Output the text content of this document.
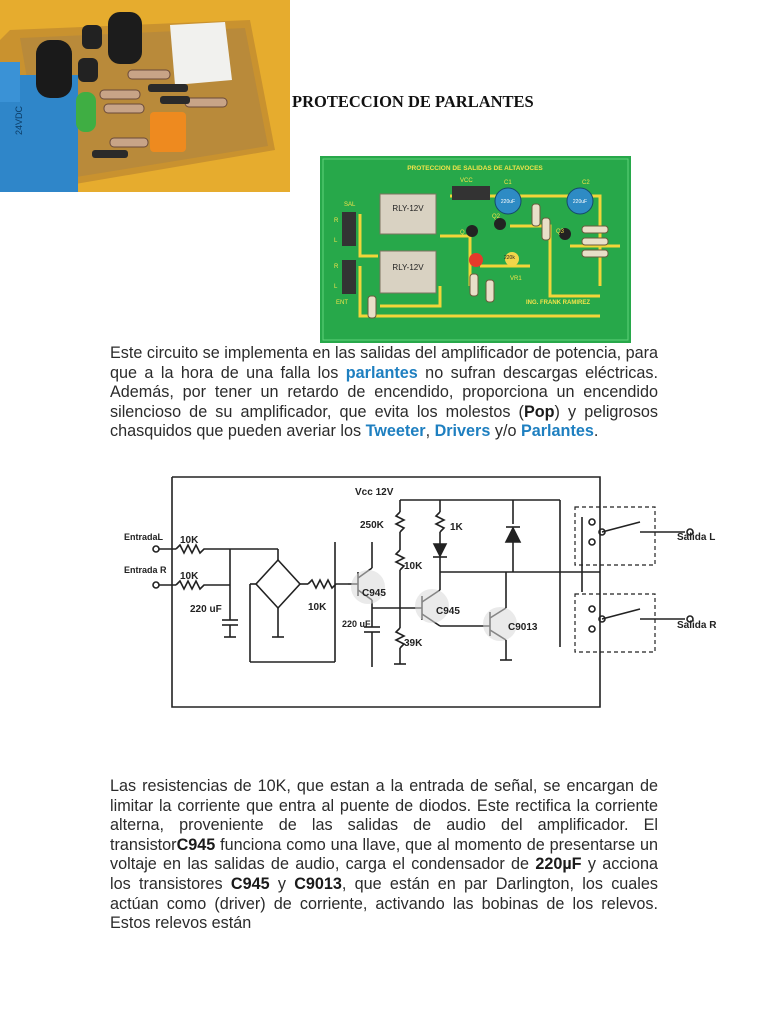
24VDC
PROTECCION DE PARLANTES
PROTECCION DE SALIDAS DE ALTAVOCES
RLY-12V
RLY-12V
SAL
R
L
R
L
ENT
VCC
220uF
C1
220uF
C2
Q
Q2
Q3
220k
VR1
ING. FRANK RAMIREZ
Este circuito se implementa en las salidas del amplificador de potencia, para que a la hora de una falla los parlantes no sufran descargas eléctricas. Además, por tener un retardo de encendido, proporciona un encendido silencioso de su amplificador, que evita los molestos (Pop) y peligrosos chasquidos que pueden averiar los Tweeter, Drivers y/o Parlantes.
Vcc 12V
EntradaL
Entrada R
10K
10K
220 uF	10K
C945
220 uF
250K
10K
39K
1K
C945
C9013
Salida L
Salida R
Las resistencias de 10K, que estan a la entrada de señal, se encargan de limitar la corriente que entra al puente de diodos. Este rectifica la corriente alterna, proveniente de las salidas de audio del amplificador. El transistorC945 funciona como una llave, que al momento de presentarse un voltaje en las salidas de audio, carga el condensador de 220µF y acciona los transistores C945 y C9013, que están en par Darlington, los cuales actúan como (driver) de corriente, activando las bobinas de los relevos. Estos relevos están
